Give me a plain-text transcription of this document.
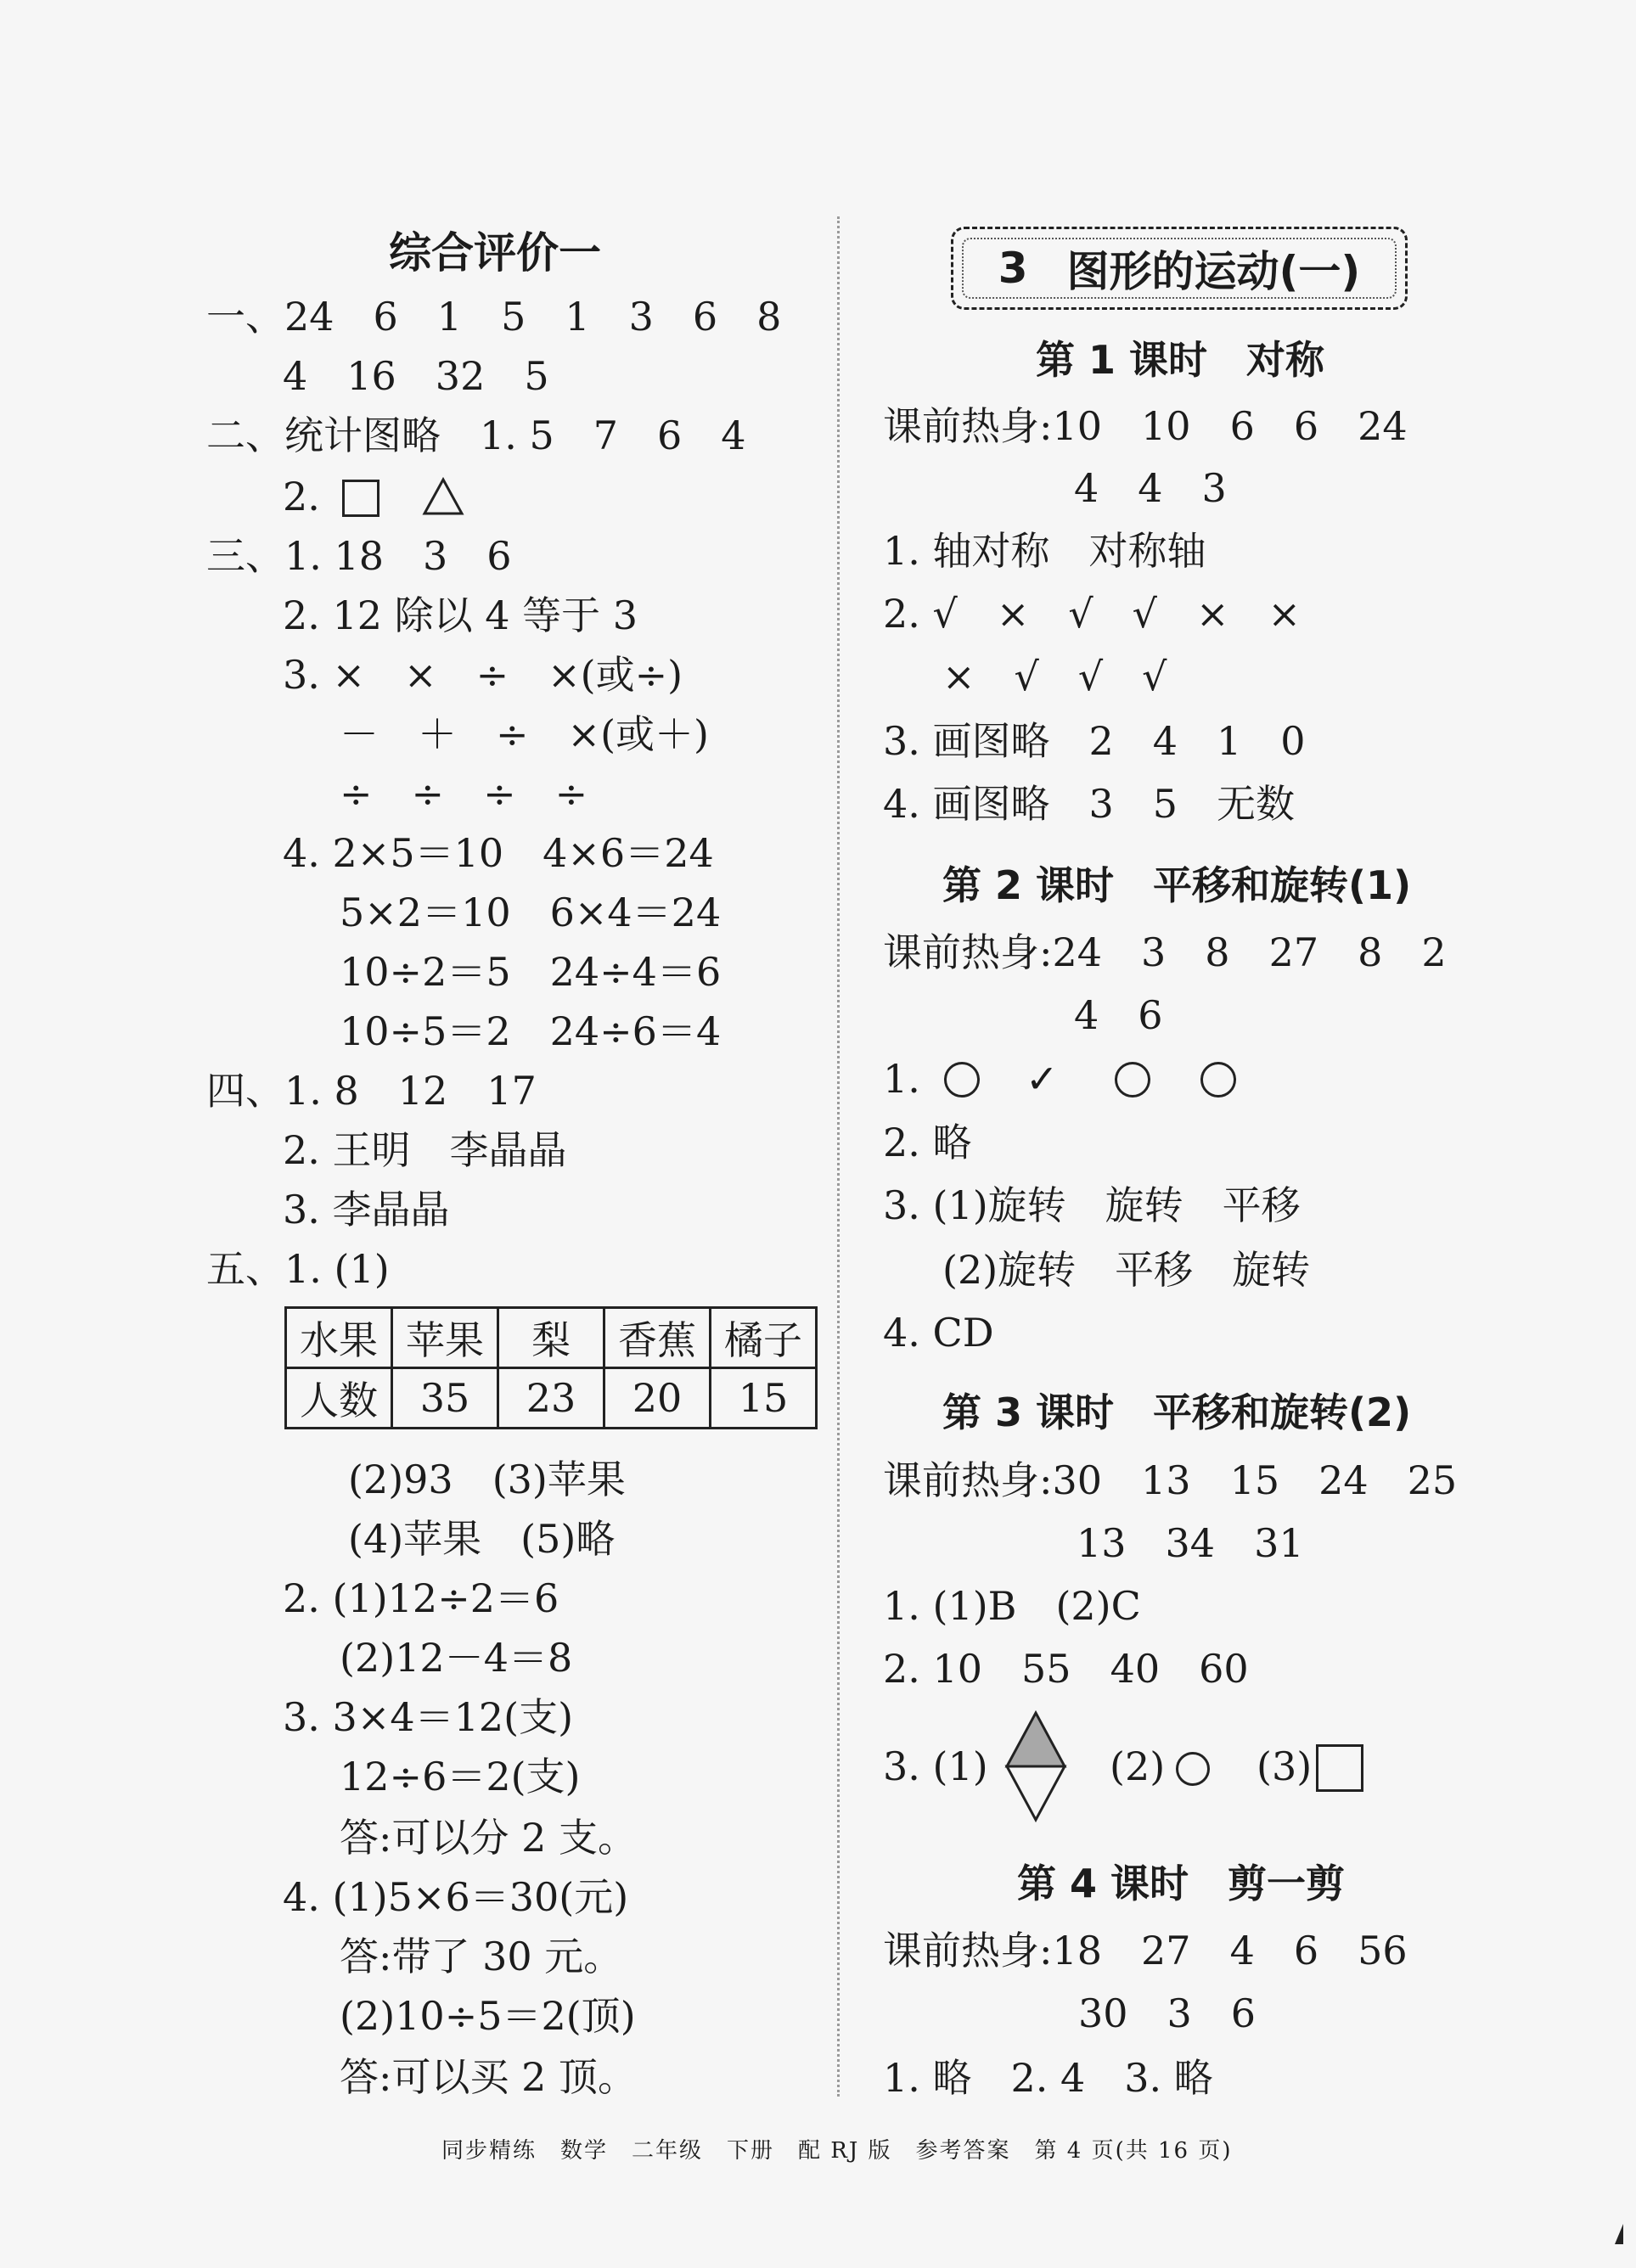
综合评价一
一、24　6　1　5　1　3　6　8
4　16　32　5
二、统计图略　1. 5　7　6　4
2.
三、1. 18　3　6
2. 12 除以 4 等于 3
3. ×　×　÷　×(或÷)
－　＋　÷　×(或＋)
÷　÷　÷　÷
4. 2×5＝10　4×6＝24
5×2＝10　6×4＝24
10÷2＝5　24÷4＝6
10÷5＝2　24÷6＝4
四、1. 8　12　17
2. 王明　李晶晶
3. 李晶晶
五、1. (1)
水果	苹果	梨	香蕉	橘子
人数	35	23	20	15
(2)93　(3)苹果
(4)苹果　(5)略
2. (1)12÷2＝6
(2)12－4＝8
3. 3×4＝12(支)
12÷6＝2(支)
答:可以分 2 支。
4. (1)5×6＝30(元)
答:带了 30 元。
(2)10÷5＝2(顶)
答:可以买 2 顶。
3 图形的运动(一)
第 1 课时　对称
课前热身:10　10　6　6　24
4　4　3
1. 轴对称　对称轴
2. √　×　√　√　×　×
×　√　√　√
3. 画图略　2　4　1　0
4. 画图略　3　5　无数
第 2 课时　平移和旋转(1)
课前热身:24　3　8　27　8　2
4　6
1.	✓
2. 略
3. (1)旋转　旋转　平移
(2)旋转　平移　旋转
4. CD
第 3 课时　平移和旋转(2)
课前热身:30　13　15　24　25
13　34　31
1. (1)B　(2)C
2. 10　55　40　60
3. (1)	(2) (3)
第 4 课时　剪一剪
课前热身:18　27　4　6　56
30　3　6
1. 略　2. 4　3. 略
同步精练　数学　二年级　下册　配 RJ 版　参考答案　第 4 页(共 16 页)
